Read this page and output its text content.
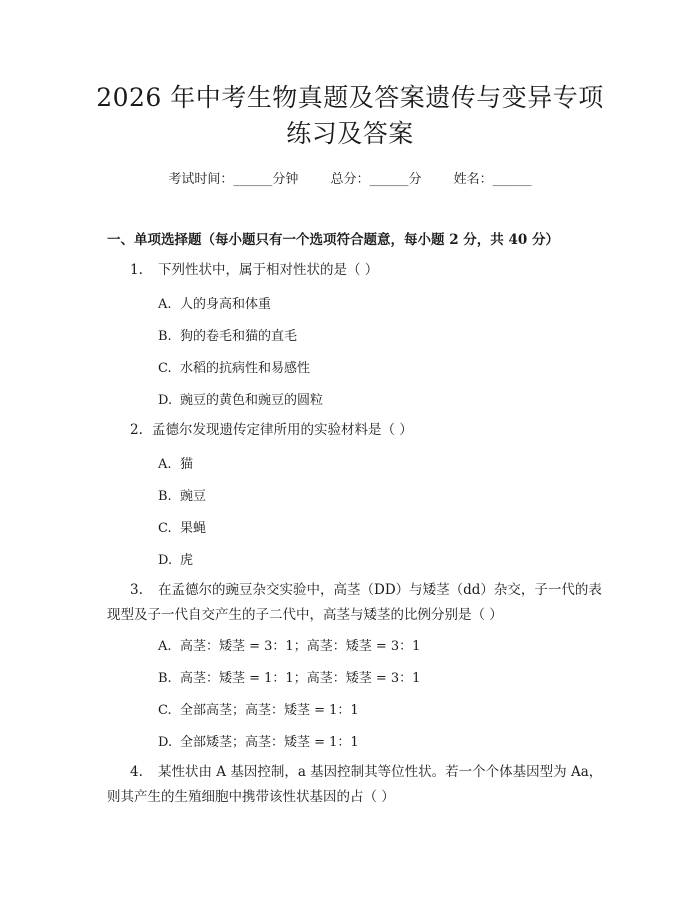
2026 年中考生物真题及答案遗传与变异专项
练习及答案
考试时间：______分钟 总分：______分 姓名：______
一、单项选择题（每小题只有一个选项符合题意，每小题 2 分，共 40 分）
1. 下列性状中，属于相对性状的是（ ）
A. 人的身高和体重
B. 狗的卷毛和猫的直毛
C. 水稻的抗病性和易感性
D. 豌豆的黄色和豌豆的圆粒
2. 孟德尔发现遗传定律所用的实验材料是（ ）
A. 猫
B. 豌豆
C. 果蝇
D. 虎
3. 在孟德尔的豌豆杂交实验中，高茎（DD）与矮茎（dd）杂交，子一代的表
现型及子一代自交产生的子二代中，高茎与矮茎的比例分别是（ ）
A. 高茎：矮茎 = 3：1；高茎：矮茎 = 3：1
B. 高茎：矮茎 = 1：1；高茎：矮茎 = 3：1
C. 全部高茎；高茎：矮茎 = 1：1
D. 全部矮茎；高茎：矮茎 = 1：1
4. 某性状由 A 基因控制，a 基因控制其等位性状。若一个个体基因型为 Aa，
则其产生的生殖细胞中携带该性状基因的占（ ）
